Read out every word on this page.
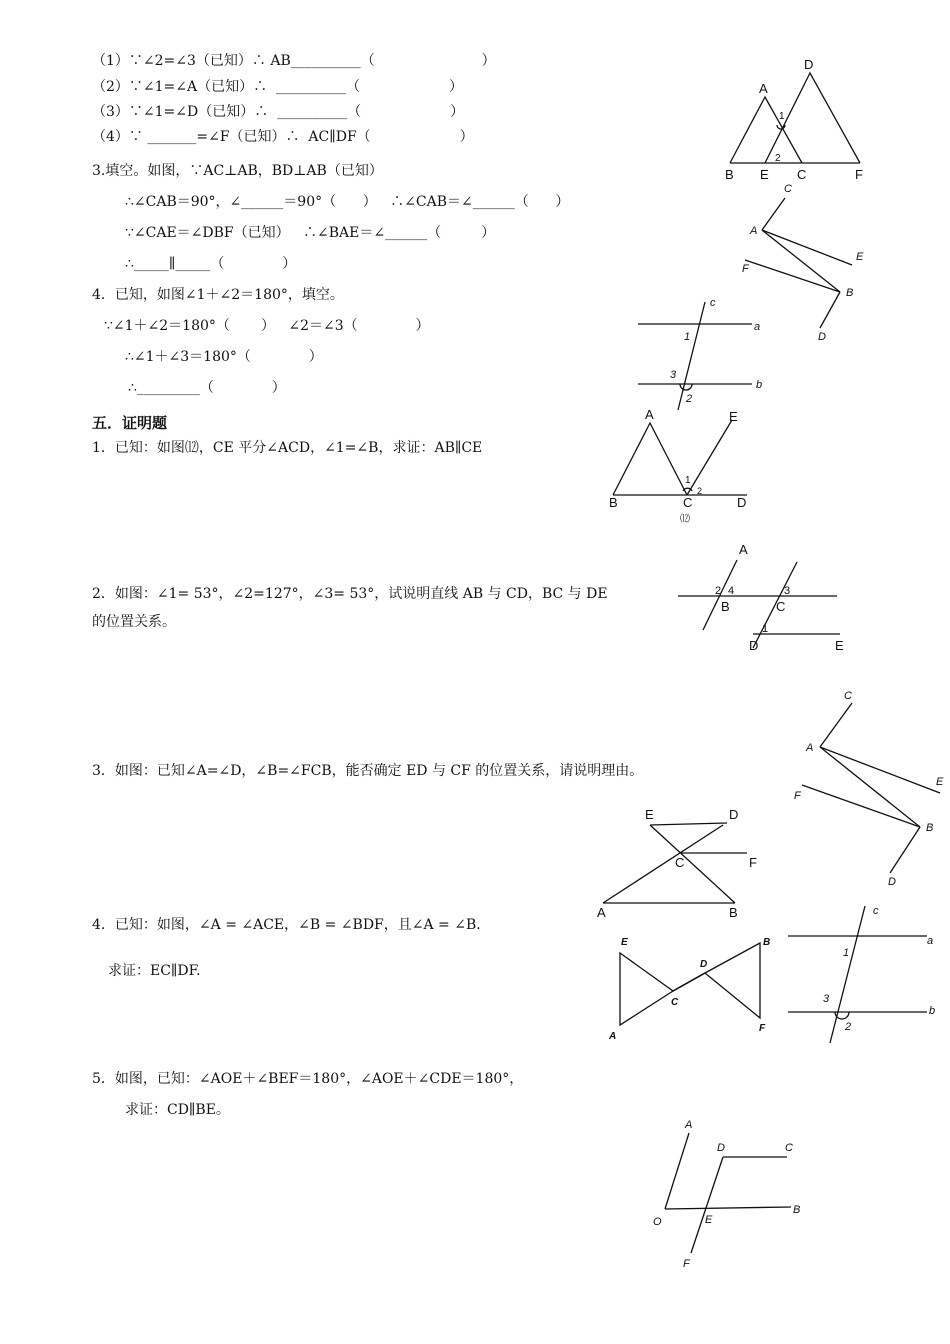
（1）∵∠2=∠3（已知）∴ AB__________（                        ）
（2）∵∠1=∠A（已知）∴  __________（                    ）
（3）∵∠1=∠D（已知）∴  __________（                    ）
（4）∵ _______=∠F（已知）∴  AC∥DF（                    ）
3.填空。如图，∵AC⊥AB，BD⊥AB（已知）
∴∠CAB＝90°，∠______＝90°（      ）   ∴∠CAB＝∠______（      ）
∵∠CAE＝∠DBF（已知）   ∴∠BAE＝∠______（         ）
∴_____∥_____（             ）
4．已知，如图∠1＋∠2＝180°，填空。
∵∠1＋∠2＝180°（       ）   ∠2＝∠3（             ）
∴∠1＋∠3＝180°（             ）
∴_________（             ）
五．证明题
1．已知：如图⑿，CE 平分∠ACD，∠1=∠B，求证：AB∥CE
2．如图：∠1= 53°，∠2=127°，∠3= 53°，试说明直线 AB 与 CD，BC 与 DE
的位置关系。
3．如图：已知∠A=∠D，∠B=∠FCB，能否确定 ED 与 CF 的位置关系，请说明理由。
4．已知：如图，∠A = ∠ACE，∠B = ∠BDF，且∠A = ∠B．
求证：EC∥DF.
5．如图，已知：∠AOE＋∠BEF＝180°，∠AOE＋∠CDE＝180°，
求证：CD∥BE。
A
D
1
2
B E C	F
C
A
E
F
B
D
c
1
a
3
b
2
A	E
1
2
B	C	D
⑿
A
2 4
B
3
C
1
D	E
C
A
E
F
B
D
E	D
C	F
A	B
E	B
D
C
A
F
c
a
1
3
b
2
A
D	C
O	E
B
F
